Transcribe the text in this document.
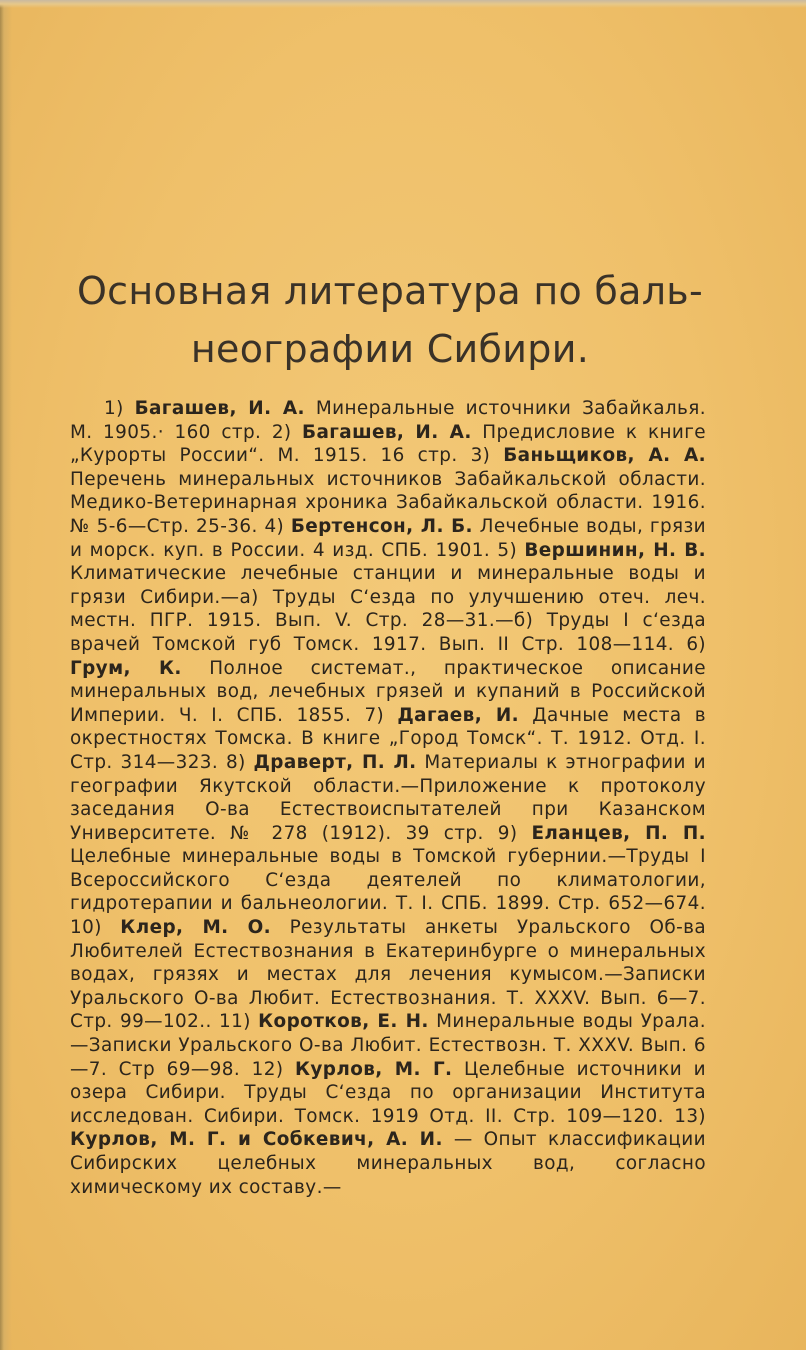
Основная литература по баль-
неографии Сибири.

1) Багашев, И. А. Минеральные источники Забайкалья. М. 1905.· 160 стр. 2) Багашев, И. А. Предисловие к книге „Курорты России“. М. 1915. 16 стр. 3) Баньщиков, А. А. Перечень минеральных источников Забайкальской области. Медико-Ветеринарная хроника Забайкальской области. 1916. № 5-6—Стр. 25-36. 4) Бертенсон, Л. Б. Лечебные воды, грязи и морск. куп. в России. 4 изд. СПБ. 1901. 5) Вершинин, Н. В. Климатические лечебные станции и минеральные воды и грязи Сибири.—а) Труды С‘езда по улучшению отеч. леч. местн. ПГР. 1915. Вып. V. Стр. 28—31.—б) Труды I с‘езда врачей Томской губ Томск. 1917. Вып. II Стр. 108—114. 6) Грум, К. Полное системат., практическое описание минеральных вод, лечебных грязей и купаний в Российской Империи. Ч. I. СПБ. 1855. 7) Дагаев, И. Дачные места в окрестностях Томска. В книге „Город Томск“. Т. 1912. Отд. I. Стр. 314—323. 8) Драверт, П. Л. Материалы к этнографии и географии Якутской области.—Приложение к протоколу заседания О-ва Естествоиспытателей при Казанском Университете. № 278 (1912). 39 стр. 9) Еланцев, П. П. Целебные минеральные воды в Томской губернии.—Труды I Всероссийского С‘езда деятелей по климатологии, гидротерапии и бальнеологии. Т. I. СПБ. 1899. Стр. 652—674. 10) Клер, М. О. Результаты анкеты Уральского Об-ва Любителей Естествознания в Екатеринбурге о минеральных водах, грязях и местах для лечения кумысом.—Записки Уральского О-ва Любит. Естествознания. Т. XXXV. Вып. 6—7. Стр. 99—102.. 11) Коротков, Е. Н. Минеральные воды Урала.—Записки Уральского О-ва Любит. Естествозн. Т. XXXV. Вып. 6—7. Стр 69—98. 12) Курлов, М. Г. Целебные источники и озера Сибири. Труды С‘езда по организации Института исследован. Сибири. Томск. 1919 Отд. II. Стр. 109—120. 13) Курлов, М. Г. и Собкевич, А. И. — Опыт классификации Сибирских целебных минеральных вод, согласно химическому их составу.—
